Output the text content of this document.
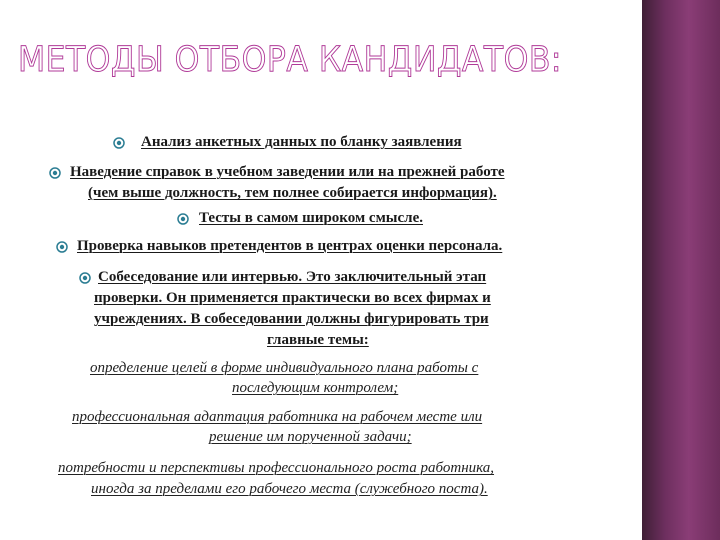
МЕТОДЫ ОТБОРА КАНДИДАТОВ:
Анализ анкетных данных по бланку заявления
Наведение справок в учебном заведении или на прежней работе
(чем выше должность, тем полнее собирается информация).
Тесты в самом широком смысле.
Проверка навыков претендентов в центрах оценки персонала.
Собеседование или интервью. Это заключительный этап
проверки. Он применяется практически во всех фирмах и
учреждениях. В собеседовании должны фигурировать три
главные темы:
определение целей в форме индивидуального плана работы с
последующим контролем;
профессиональная адаптация работника на рабочем месте или
решение им порученной задачи;
потребности и перспективы профессионального роста работника,
иногда за пределами его рабочего места (служебного поста).
